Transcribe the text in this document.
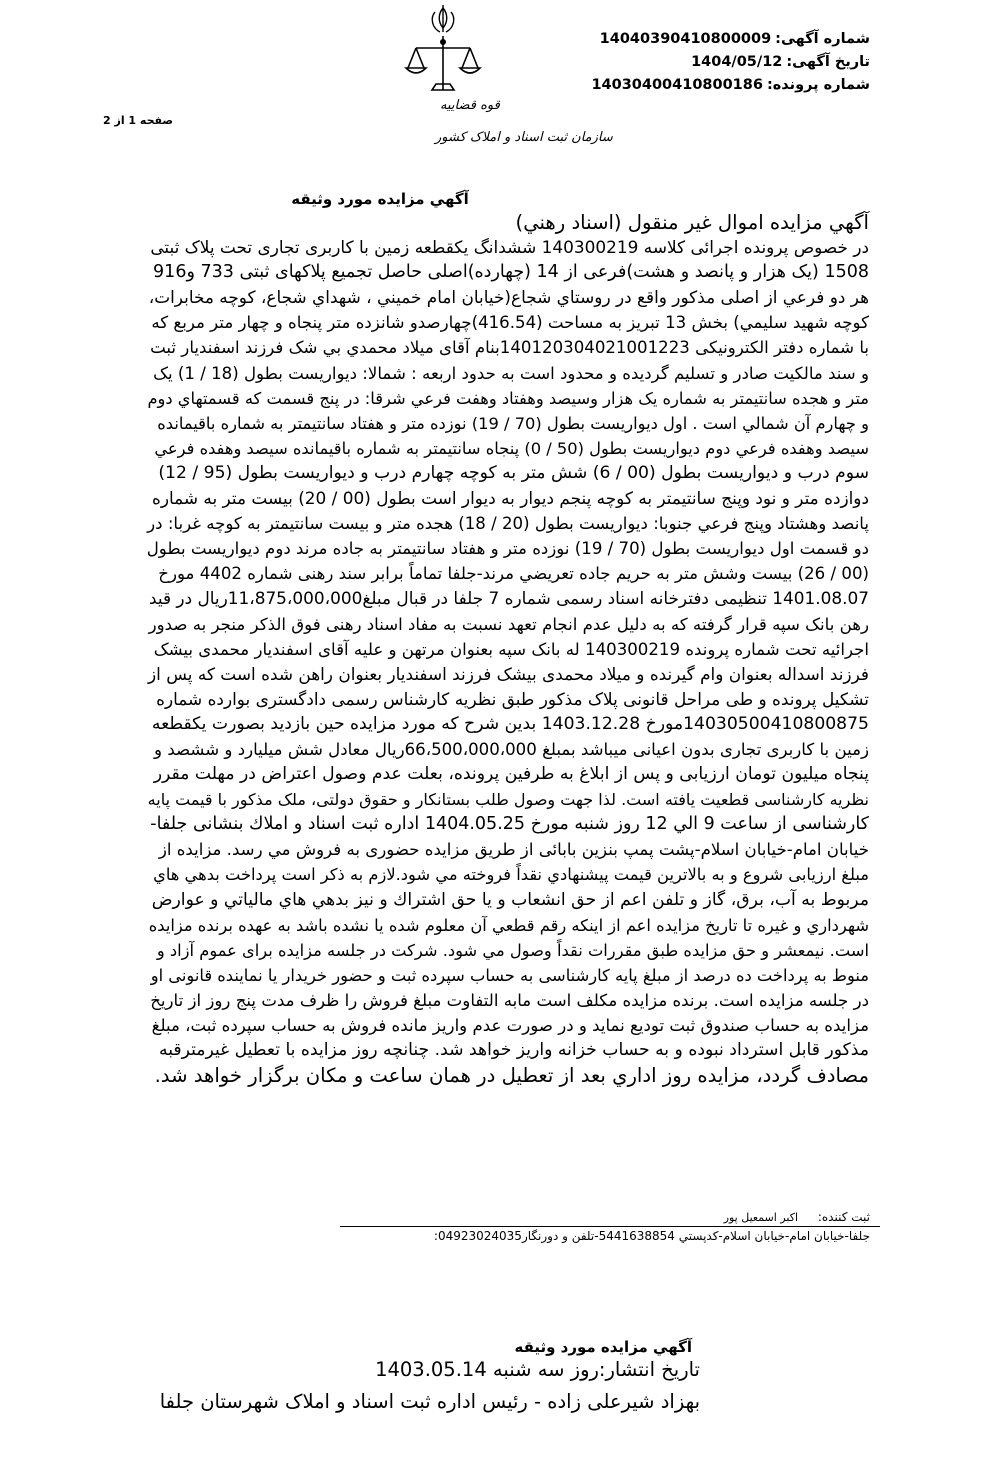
شماره آگهی:14040390410800009
تاریخ آگهی:1404/05/12
شماره پرونده:14030400410800186
قوه قضاییه
سازمان ثبت اسناد و املاک کشور
صفحه 1 از 2
آگهي مزايده مورد وثيقه
آگهي مزايده اموال غير منقول (اسناد رهني)
در خصوص پرونده اجرائی کلاسه 140300219 ششدانگ یکقطعه زمین با کاربری تجاری تحت پلاک ثبتی
1508 (یک هزار و پانصد و هشت)فرعی از 14 (چهارده)اصلی حاصل تجمیع پلاکهای ثبتی 733 و916
هر دو فرعي از اصلی مذکور واقع در روستاي شجاع(خيابان امام خميني ، شهداي شجاع، کوچه مخابرات،
کوچه شهيد سليمي) بخش 13 تبريز به مساحت (416.54)چهارصدو شانزده متر پنجاه و چهار متر مربع که
با شماره دفتر الکترونیکی 140120304021001223بنام آقای ميلاد محمدي بي شک فرزند اسفنديار ثبت
و سند مالکيت صادر و تسليم گرديده و محدود است به حدود اربعه : شمالا: ديواريست بطول (18 / 1) يک
متر و هجده سانتيمتر به شماره يک هزار وسيصد وهفتاد وهفت فرعي شرقا: در پنج قسمت که قسمتهاي دوم
و چهارم آن شمالي است . اول ديواريست بطول (70 / 19) نوزده متر و هفتاد سانتيمتر به شماره باقيمانده
سيصد وهفده فرعي دوم ديواريست بطول (50 / 0) پنجاه سانتيمتر به شماره باقيمانده سيصد وهفده فرعي
سوم درب و ديواريست بطول (00 / 6) شش متر به کوچه چهارم درب و ديواريست بطول (95 / 12)
دوازده متر و نود وپنج سانتيمتر به کوچه پنجم ديوار به ديوار است بطول (00 / 20) بيست متر به شماره
پانصد وهشتاد وپنج فرعي جنوبا: ديواريست بطول (20 / 18) هجده متر و بيست سانتيمتر به کوچه غربا: در
دو قسمت اول ديواريست بطول (70 / 19) نوزده متر و هفتاد سانتيمتر به جاده مرند دوم ديواريست بطول
(00 / 26) بيست وشش متر به حريم جاده تعريضي مرند-جلفا تماماً برابر سند رهنی شماره 4402 مورخ
1401.08.07 تنظیمی دفترخانه اسناد رسمی شماره 7 جلفا در قبال مبلغ11،875،000،000ریال در قید
رهن بانک سپه قرار گرفته که به دلیل عدم انجام تعهد نسبت به مفاد اسناد رهنی فوق الذکر منجر به صدور
اجرائیه تحت شماره پرونده 140300219 له بانک سپه بعنوان مرتهن و علیه آقای اسفندیار محمدی بیشک
فرزند اسداله بعنوان وام گیرنده و میلاد محمدی بیشک فرزند اسفندیار بعنوان راهن شده است که پس از
تشکیل پرونده و طی مراحل قانونی پلاک مذکور طبق نظریه کارشناس رسمی دادگستری بوارده شماره
14030500410800875مورخ 1403.12.28 بدین شرح که مورد مزایده حین بازدید بصورت یکقطعه
زمین با کاربری تجاری بدون اعیانی میباشد بمبلغ 66،500،000،000ریال معادل شش میلیارد و ششصد و
پنجاه میلیون تومان ارزیابی و پس از ابلاغ به طرفین پرونده، بعلت عدم وصول اعتراض در مهلت مقرر
نظریه کارشناسی قطعیت یافته است. لذا جهت وصول طلب بستانکار و حقوق دولتی، ملک مذکور با قیمت پایه
کارشناسی از ساعت 9 الي 12 روز شنبه مورخ 1404.05.25 اداره ثبت اسناد و املاك بنشانی جلفا-
خيابان امام-خيابان اسلام-پشت پمپ بنزين بابائی از طريق مزايده حضوری به فروش مي رسد. مزايده از
مبلغ ارزيابی شروع و به بالاترين قيمت پيشنهادي نقداً فروخته مي شود.لازم به ذکر است پرداخت بدهي هاي
مربوط به آب، برق، گاز و تلفن اعم از حق انشعاب و يا حق اشتراك و نيز بدهي هاي مالياتي و عوارض
شهرداري و غيره تا تاريخ مزايده اعم از اينکه رقم قطعي آن معلوم شده يا نشده باشد به عهده برنده مزايده
است. نيمعشر و حق مزايده طبق مقررات نقداً وصول مي شود. شرکت در جلسه مزايده برای عموم آزاد و
منوط به پرداخت ده درصد از مبلغ پايه کارشناسی به حساب سپرده ثبت و حضور خريدار يا نماينده قانونی او
در جلسه مزايده است. برنده مزايده مکلف است مابه التفاوت مبلغ فروش را ظرف مدت پنج روز از تاريخ
مزايده به حساب صندوق ثبت توديع نمايد و در صورت عدم واريز مانده فروش به حساب سپرده ثبت، مبلغ
مذکور قابل استرداد نبوده و به حساب خزانه واريز خواهد شد. چنانچه روز مزايده با تعطيل غيرمترقبه
مصادف گردد، مزايده روز اداري بعد از تعطيل در همان ساعت و مکان برگزار خواهد شد.
ثبت كننده: اكبر اسمعيل پور
جلفا-خيابان امام-خيابان اسلام-کدپستي 5441638854-تلفن و دورنگار04923024035:
آگهي مزايده مورد وثيقه
تاريخ انتشار:روز سه شنبه 1403.05.14
بهزاد شيرعلی زاده - رئيس اداره ثبت اسناد و املاک شهرستان جلفا
